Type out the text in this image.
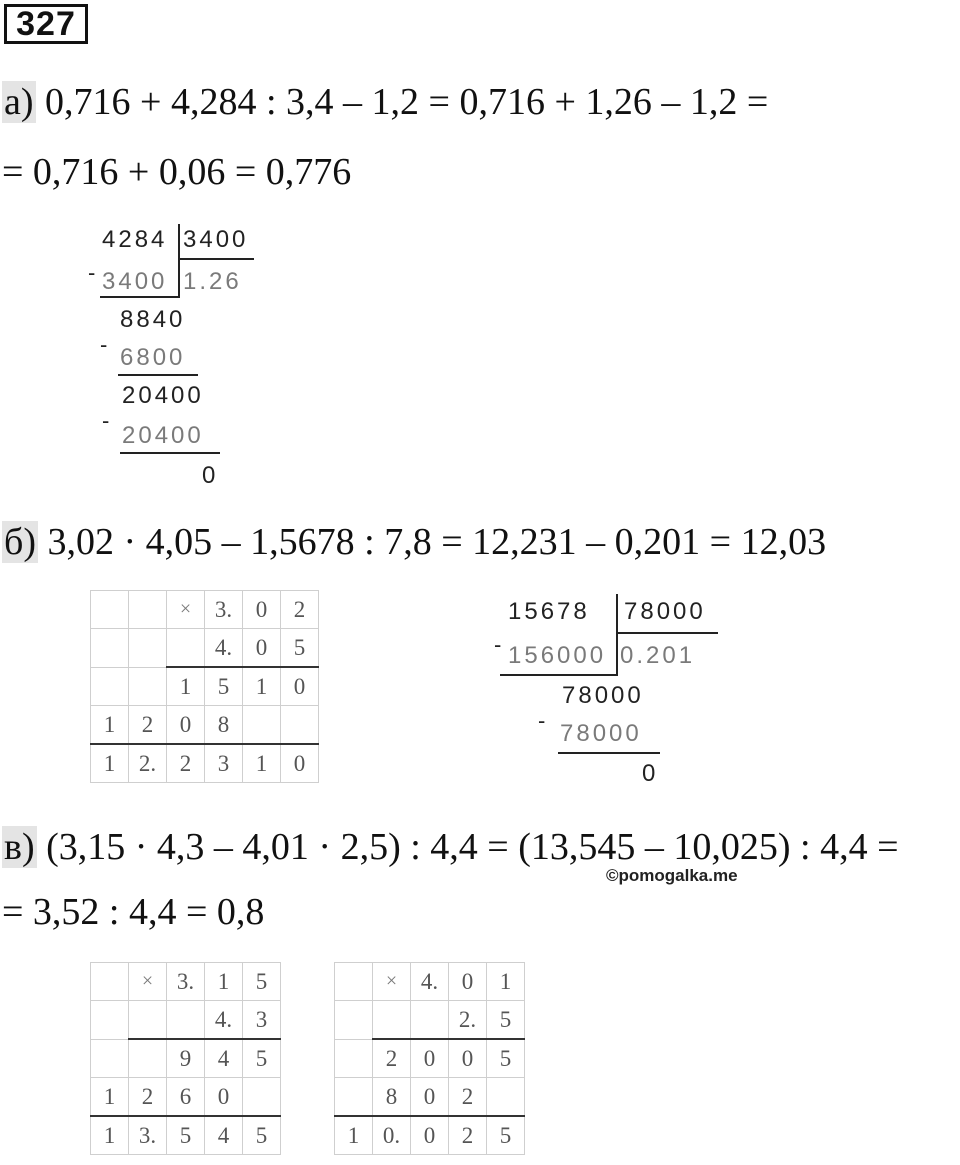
327
а) 0,716 + 4,284 : 3,4 – 1,2 = 0,716 + 1,26 – 1,2 =
= 0,716 + 0,06 = 0,776
4284 3400
- 3400 1.26
8840
- 6800
20400
-
20400
0
б) 3,02 · 4,05 – 1,5678 : 7,8 = 12,231 – 0,201 = 12,03
		×	3.	0	2
			4.	0	5
		1	5	1	0
1	2	0	8		
1	2.	2	3	1	0
15678 78000
- 156000 0.201
78000
- 78000
0
в) (3,15 · 4,3 – 4,01 · 2,5) : 4,4 = (13,545 – 10,025) : 4,4 =
©pomogalka.me
= 3,52 : 4,4 = 0,8
	×	3.	1	5
			4.	3
		9	4	5
1	2	6	0	
1	3.	5	4	5
	×	4.	0	1
			2.	5
	2	0	0	5
	8	0	2	
1	0.	0	2	5
